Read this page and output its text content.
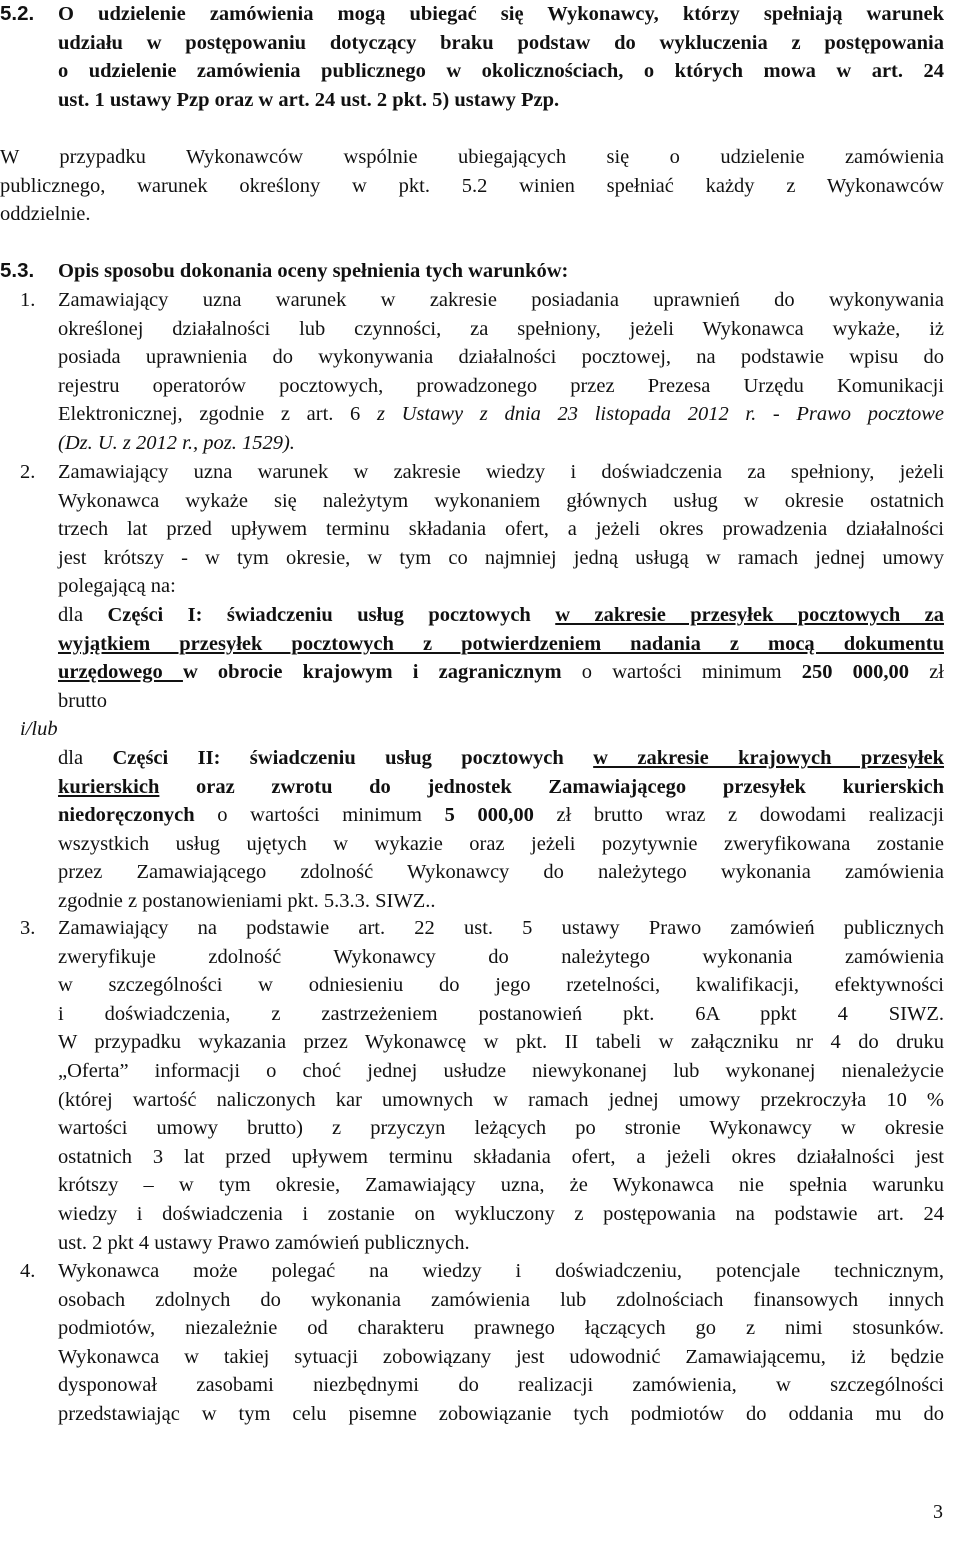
5.2. O udzielenie zamówienia mogą ubiegać się Wykonawcy, którzy spełniają warunek
udziału w postępowaniu dotyczący braku podstaw do wykluczenia z postępowania
o udzielenie zamówienia publicznego w okolicznościach, o których mowa w art. 24
ust. 1 ustawy Pzp oraz w art. 24 ust. 2 pkt. 5) ustawy Pzp.
W przypadku Wykonawców wspólnie ubiegających się o udzielenie zamówienia
publicznego, warunek określony w pkt. 5.2 winien spełniać każdy z Wykonawców
oddzielnie.
5.3. Opis sposobu dokonania oceny spełnienia tych warunków:
1. Zamawiający uzna warunek w zakresie posiadania uprawnień do wykonywania
określonej działalności lub czynności, za spełniony, jeżeli Wykonawca wykaże, iż
posiada uprawnienia do wykonywania działalności pocztowej, na podstawie wpisu do
rejestru operatorów pocztowych, prowadzonego przez Prezesa Urzędu Komunikacji
Elektronicznej, zgodnie z art. 6 z Ustawy z dnia 23 listopada 2012 r. - Prawo pocztowe
(Dz. U. z 2012 r., poz. 1529).
2. Zamawiający uzna warunek w zakresie wiedzy i doświadczenia za spełniony, jeżeli
Wykonawca wykaże się należytym wykonaniem głównych usług w okresie ostatnich
trzech lat przed upływem terminu składania ofert, a jeżeli okres prowadzenia działalności
jest krótszy - w tym okresie, w tym co najmniej jedną usługą w ramach jednej umowy
polegającą na:
dla Części I: świadczeniu usług pocztowych w zakresie przesyłek pocztowych za
wyjątkiem przesyłek pocztowych z potwierdzeniem nadania z mocą dokumentu
urzędowego w obrocie krajowym i zagranicznym o wartości minimum 250 000,00 zł
brutto
i/lub
dla Części II: świadczeniu usług pocztowych w zakresie krajowych przesyłek
kurierskich oraz zwrotu do jednostek Zamawiającego przesyłek kurierskich
niedoręczonych o wartości minimum 5 000,00 zł brutto wraz z dowodami realizacji
wszystkich usług ujętych w wykazie oraz jeżeli pozytywnie zweryfikowana zostanie
przez Zamawiającego zdolność Wykonawcy do należytego wykonania zamówienia
zgodnie z postanowieniami pkt. 5.3.3. SIWZ..
3. Zamawiający na podstawie art. 22 ust. 5 ustawy Prawo zamówień publicznych
zweryfikuje zdolność Wykonawcy do należytego wykonania zamówienia
w szczególności w odniesieniu do jego rzetelności, kwalifikacji, efektywności
i doświadczenia, z zastrzeżeniem postanowień pkt. 6A ppkt 4 SIWZ.
W przypadku wykazania przez Wykonawcę w pkt. II tabeli w załączniku nr 4 do druku
„Oferta” informacji o choć jednej usłudze niewykonanej lub wykonanej nienależycie
(której wartość naliczonych kar umownych w ramach jednej umowy przekroczyła 10 %
wartości umowy brutto) z przyczyn leżących po stronie Wykonawcy w okresie
ostatnich 3 lat przed upływem terminu składania ofert, a jeżeli okres działalności jest
krótszy – w tym okresie, Zamawiający uzna, że Wykonawca nie spełnia warunku
wiedzy i doświadczenia i zostanie on wykluczony z postępowania na podstawie art. 24
ust. 2 pkt 4 ustawy Prawo zamówień publicznych.
4. Wykonawca może polegać na wiedzy i doświadczeniu, potencjale technicznym,
osobach zdolnych do wykonania zamówienia lub zdolnościach finansowych innych
podmiotów, niezależnie od charakteru prawnego łączących go z nimi stosunków.
Wykonawca w takiej sytuacji zobowiązany jest udowodnić Zamawiającemu, iż będzie
dysponował zasobami niezbędnymi do realizacji zamówienia, w szczególności
przedstawiając w tym celu pisemne zobowiązanie tych podmiotów do oddania mu do
3
